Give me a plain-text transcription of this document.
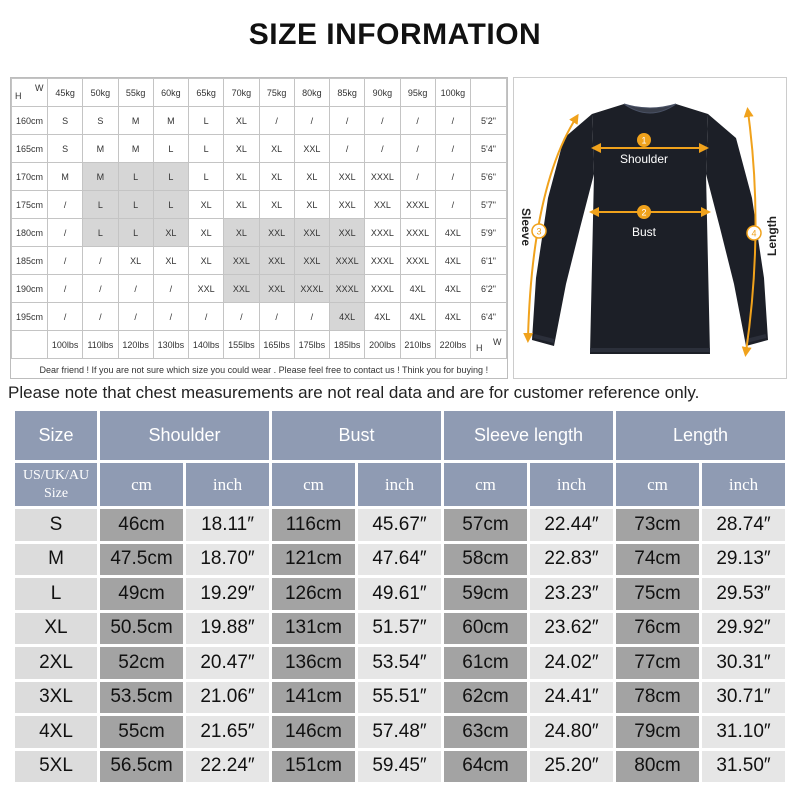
SIZE INFORMATION
H
W	45kg	50kg	55kg	60kg	65kg	70kg	75kg	80kg	85kg	90kg	95kg	100kg	
160cm	S	S	M	M	L	XL	/	/	/	/	/	/	5'2"
165cm	S	M	M	L	L	XL	XL	XXL	/	/	/	/	5'4"
170cm	M	M	L	L	L	XL	XL	XL	XXL	XXXL	/	/	5'6"
175cm	/	L	L	L	XL	XL	XL	XL	XXL	XXL	XXXL	/	5'7"
180cm	/	L	L	XL	XL	XL	XXL	XXL	XXL	XXXL	XXXL	4XL	5'9"
185cm	/	/	XL	XL	XL	XXL	XXL	XXL	XXXL	XXXL	XXXL	4XL	6'1"
190cm	/	/	/	/	XXL	XXL	XXL	XXXL	XXXL	XXXL	4XL	4XL	6'2"
195cm	/	/	/	/	/	/	/	/	4XL	4XL	4XL	4XL	6'4"
	100lbs	110lbs	120lbs	130lbs	140lbs	155lbs	165lbs	175lbs	185lbs	200lbs	210lbs	220lbs	H
W

Dear friend ! If you are not sure which size you could wear . Please feel free to contact us ! Think you for buying !													
1
Shoulder
2
Bust
3
Sleeve	4 Length
Please note that chest measurements are not real data and are for customer reference only.
Size	Shoulder		Bust		Sleeve length		Length	

US/UK/AU
Size	cm	inch	cm	inch	cm	inch	cm	inch
S	46cm	18.11″	116cm	45.67″	57cm	22.44″	73cm	28.74″
M	47.5cm	18.70″	121cm	47.64″	58cm	22.83″	74cm	29.13″
L	49cm	19.29″	126cm	49.61″	59cm	23.23″	75cm	29.53″
XL	50.5cm	19.88″	131cm	51.57″	60cm	23.62″	76cm	29.92″
2XL	52cm	20.47″	136cm	53.54″	61cm	24.02″	77cm	30.31″
3XL	53.5cm	21.06″	141cm	55.51″	62cm	24.41″	78cm	30.71″
4XL	55cm	21.65″	146cm	57.48″	63cm	24.80″	79cm	31.10″
5XL	56.5cm	22.24″	151cm	59.45″	64cm	25.20″	80cm	31.50″
